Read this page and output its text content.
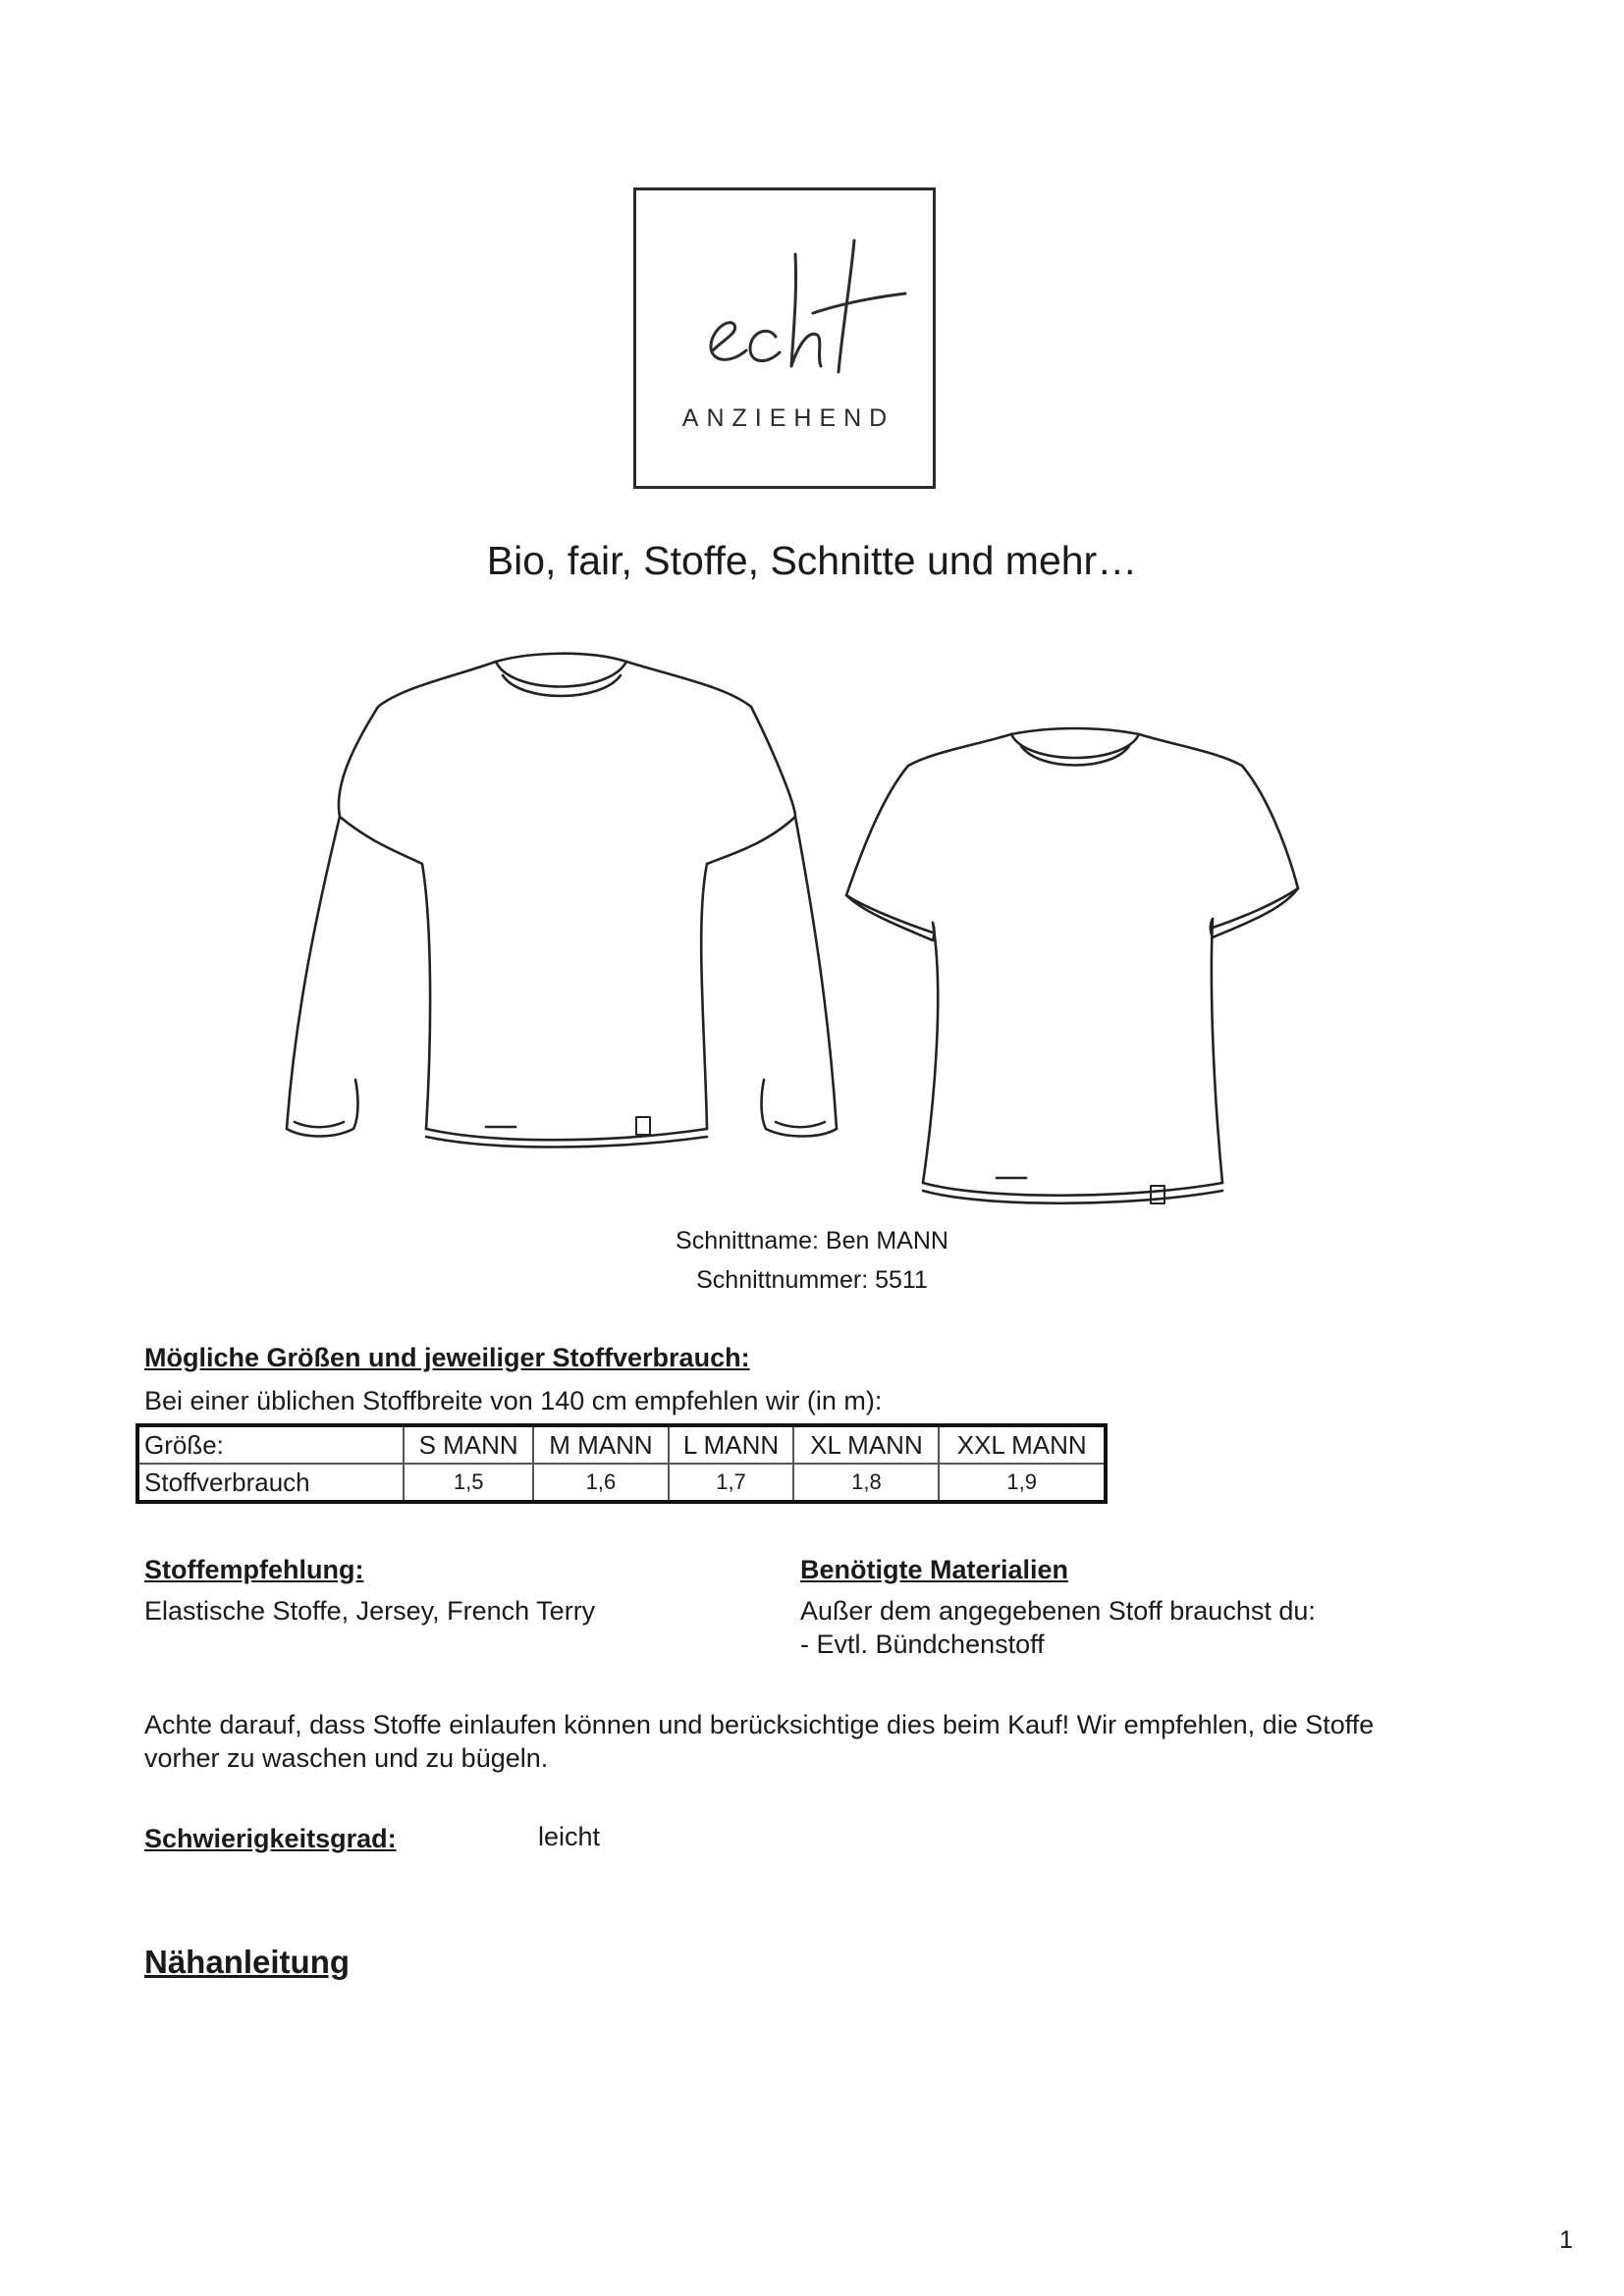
ANZIEHEND
Bio, fair, Stoffe, Schnitte und mehr…
Schnittname: Ben MANN
Schnittnummer: 5511
Mögliche Größen und jeweiliger Stoffverbrauch:
Bei einer üblichen Stoffbreite von 140 cm empfehlen wir (in m):
Größe:	S MANN	M MANN	L MANN	XL MANN	XXL MANN
Stoffverbrauch	1,5	1,6	1,7	1,8	1,9
Stoffempfehlung:
Elastische Stoffe, Jersey, French Terry
Benötigte Materialien
Außer dem angegebenen Stoff brauchst du:
- Evtl. Bündchenstoff
Achte darauf, dass Stoffe einlaufen können und berücksichtige dies beim Kauf! Wir empfehlen, die Stoffe
vorher zu waschen und zu bügeln.
Schwierigkeitsgrad:	leicht
Nähanleitung
1
